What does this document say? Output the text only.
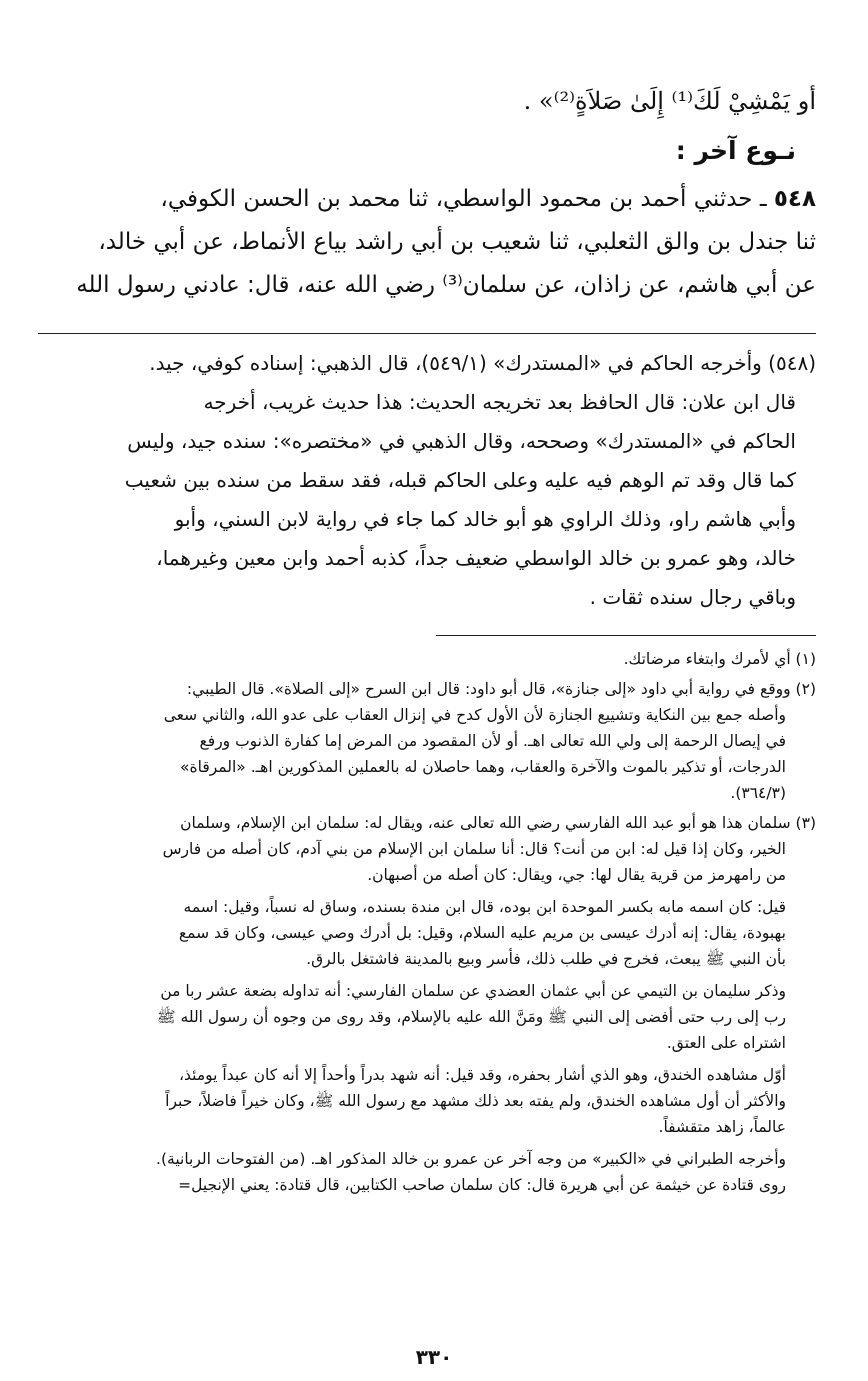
أو يَمْشِيْ لَكَ⁽¹⁾ إِلَىٰ صَلاَةٍ⁽²⁾» .

نـوع آخر :

٥٤٨ ـ حدثني أحمد بن محمود الواسطي، ثنا محمد بن الحسن الكوفي،

ثنا جندل بن والق الثعلبي، ثنا شعيب بن أبي راشد بياع الأنماط، عن أبي خالد،

عن أبي هاشم، عن زاذان، عن سلمان⁽³⁾ رضي الله عنه، قال: عادني رسول الله

(٥٤٨) وأخرجه الحاكم في «المستدرك» (٥٤٩/١)، قال الذهبي: إسناده كوفي، جيد.

قال ابن علان: قال الحافظ بعد تخريجه الحديث: هذا حديث غريب، أخرجه

الحاكم في «المستدرك» وصححه، وقال الذهبي في «مختصره»: سنده جيد، وليس

كما قال وقد تم الوهم فيه عليه وعلى الحاكم قبله، فقد سقط من سنده بين شعيب

وأبي هاشم راو، وذلك الراوي هو أبو خالد كما جاء في رواية لابن السني، وأبو

خالد، وهو عمرو بن خالد الواسطي ضعيف جداً، كذبه أحمد وابن معين وغيرهما،

وباقي رجال سنده ثقات .

(١) أي لأمرك وابتغاء مرضاتك.

(٢) ووقع في رواية أبي داود «إلى جنازة»، قال أبو داود: قال ابن السرح «إلى الصلاة». قال الطيبي:

وأصله جمع بين النكاية وتشييع الجنازة لأن الأول كدح في إنزال العقاب على عدو الله، والثاني سعى

في إيصال الرحمة إلى ولي الله تعالى اهـ. أو لأن المقصود من المرض إما كفارة الذنوب ورفع

الدرجات، أو تذكير بالموت والآخرة والعقاب، وهما حاصلان له بالعملين المذكورين اهـ. «المرقاة»

(٣٦٤/٣).

(٣) سلمان هذا هو أبو عبد الله الفارسي رضي الله تعالى عنه، ويقال له: سلمان ابن الإسلام، وسلمان

الخير، وكان إذا قيل له: ابن من أنت؟ قال: أنا سلمان ابن الإسلام من بني آدم، كان أصله من فارس

من رامهرمز من قرية يقال لها: جي، ويقال: كان أصله من أصبهان.

قيل: كان اسمه مابه بكسر الموحدة ابن بوده، قال ابن مندة بسنده، وساق له نسباً، وقيل: اسمه

بهبودة، يقال: إنه أدرك عيسى بن مريم عليه السلام، وقيل: بل أدرك وصي عيسى، وكان قد سمع

بأن النبي ﷺ يبعث، فخرج في طلب ذلك، فأسر وبيع بالمدينة فاشتغل بالرق.

وذكر سليمان بن التيمي عن أبي عثمان العضدي عن سلمان الفارسي: أنه تداوله بضعة عشر ربا من

رب إلى رب حتى أفضى إلى النبي ﷺ ومَنَّ الله عليه بالإسلام، وقد روى من وجوه أن رسول الله ﷺ

اشتراه على العتق.

أوّل مشاهده الخندق، وهو الذي أشار بحفره، وقد قيل: أنه شهد بدراً وأحداً إلا أنه كان عبداً يومئذ،

والأكثر أن أول مشاهده الخندق، ولم يفته بعد ذلك مشهد مع رسول الله ﷺ، وكان خيراً فاضلاً، حبراً

عالماً، زاهد متقشفاً.

وأخرجه الطبراني في «الكبير» من وجه آخر عن عمرو بن خالد المذكور اهـ. (من الفتوحات الربانية).

روى قتادة عن خيثمة عن أبي هريرة قال: كان سلمان صاحب الكتابين، قال قتادة: يعني الإنجيل=

٣٣٠
